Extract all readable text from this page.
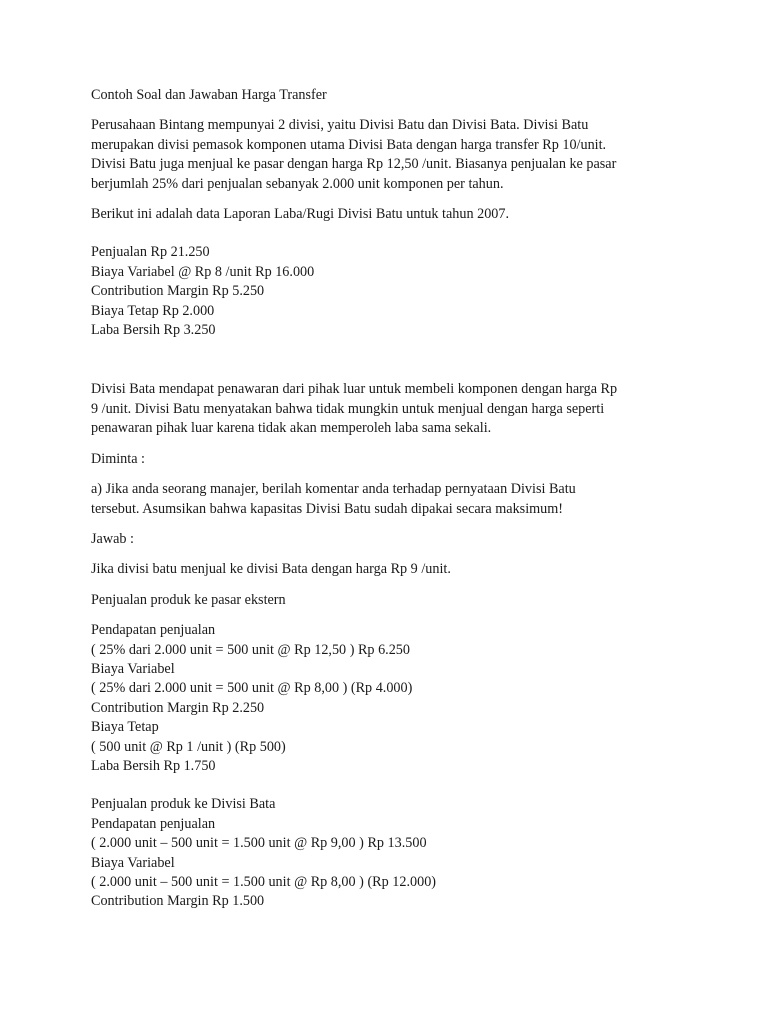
Contoh Soal dan Jawaban Harga Transfer

Perusahaan Bintang mempunyai 2 divisi, yaitu Divisi Batu dan Divisi Bata. Divisi Batu
merupakan divisi pemasok komponen utama Divisi Bata dengan harga transfer Rp 10/unit.
Divisi Batu juga menjual ke pasar dengan harga Rp 12,50 /unit. Biasanya penjualan ke pasar
berjumlah 25% dari penjualan sebanyak 2.000 unit komponen per tahun.

Berikut ini adalah data Laporan Laba/Rugi Divisi Batu untuk tahun 2007.

Penjualan Rp 21.250
Biaya Variabel @ Rp 8 /unit Rp 16.000
Contribution Margin Rp 5.250
Biaya Tetap Rp 2.000
Laba Bersih Rp 3.250

Divisi Bata mendapat penawaran dari pihak luar untuk membeli komponen dengan harga Rp
9 /unit. Divisi Batu menyatakan bahwa tidak mungkin untuk menjual dengan harga seperti
penawaran pihak luar karena tidak akan memperoleh laba sama sekali.

Diminta :

a) Jika anda seorang manajer, berilah komentar anda terhadap pernyataan Divisi Batu
tersebut. Asumsikan bahwa kapasitas Divisi Batu sudah dipakai secara maksimum!

Jawab :

Jika divisi batu menjual ke divisi Bata dengan harga Rp 9 /unit.

Penjualan produk ke pasar ekstern

Pendapatan penjualan
( 25% dari 2.000 unit = 500 unit @ Rp 12,50 ) Rp 6.250
Biaya Variabel
( 25% dari 2.000 unit = 500 unit @ Rp 8,00 ) (Rp 4.000)
Contribution Margin Rp 2.250
Biaya Tetap
( 500 unit @ Rp 1 /unit ) (Rp 500)
Laba Bersih Rp 1.750

Penjualan produk ke Divisi Bata
Pendapatan penjualan
( 2.000 unit – 500 unit = 1.500 unit @ Rp 9,00 ) Rp 13.500
Biaya Variabel
( 2.000 unit – 500 unit = 1.500 unit @ Rp 8,00 ) (Rp 12.000)
Contribution Margin Rp 1.500
